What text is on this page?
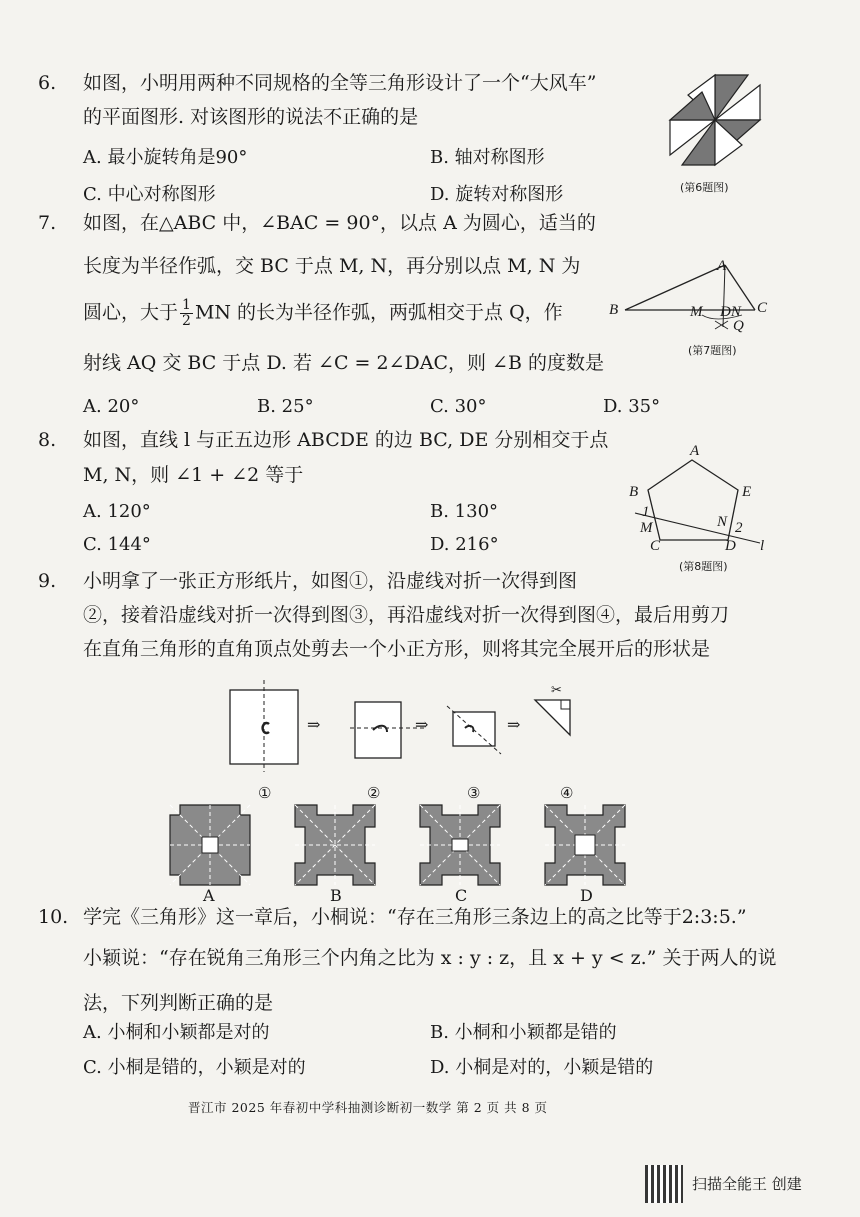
6. 如图，小明用两种不同规格的全等三角形设计了一个“大风车”
的平面图形. 对该图形的说法不正确的是
A. 最小旋转角是90°	B. 轴对称图形
C. 中心对称图形	D. 旋转对称图形	(第6题图)
7. 如图，在△ABC 中，∠BAC = 90°，以点 A 为圆心，适当的
长度为半径作弧，交 BC 于点 M, N，再分别以点 M, N 为
圆心，大于 $\frac{1}{2}$ MN 的长为半径作弧，两弧相交于点 Q，作
射线 AQ 交 BC 于点 D. 若 ∠C = 2∠DAC，则 ∠B 的度数是
A. 20°	B. 25°	C. 30°	D. 35°
A
B	C
M DN
Q
(第7题图)
8. 如图，直线 l 与正五边形 ABCDE 的边 BC, DE 分别相交于点
M, N，则 ∠1 + ∠2 等于
A. 120°	B. 130°
C. 144°	D. 216°
A
B	E
1
M	N 2
C	D l
(第8题图)
9. 小明拿了一张正方形纸片，如图①，沿虚线对折一次得到图
②，接着沿虚线对折一次得到图③，再沿虚线对折一次得到图④，最后用剪刀
在直角三角形的直角顶点处剪去一个小正方形，则将其完全展开后的形状是
⇒	⇒	⇒
✂
①	②	③	④
A	B	C	D
10. 学完《三角形》这一章后，小桐说：“存在三角形三条边上的高之比等于2:3:5.”
小颖说：“存在锐角三角形三个内角之比为 x : y : z，且 x + y < z.” 关于两人的说
法，下列判断正确的是
A. 小桐和小颖都是对的	B. 小桐和小颖都是错的
C. 小桐是错的，小颖是对的	D. 小桐是对的，小颖是错的
晋江市 2025 年春初中学科抽测诊断初一数学 第 2 页 共 8 页
扫描全能王 创建
